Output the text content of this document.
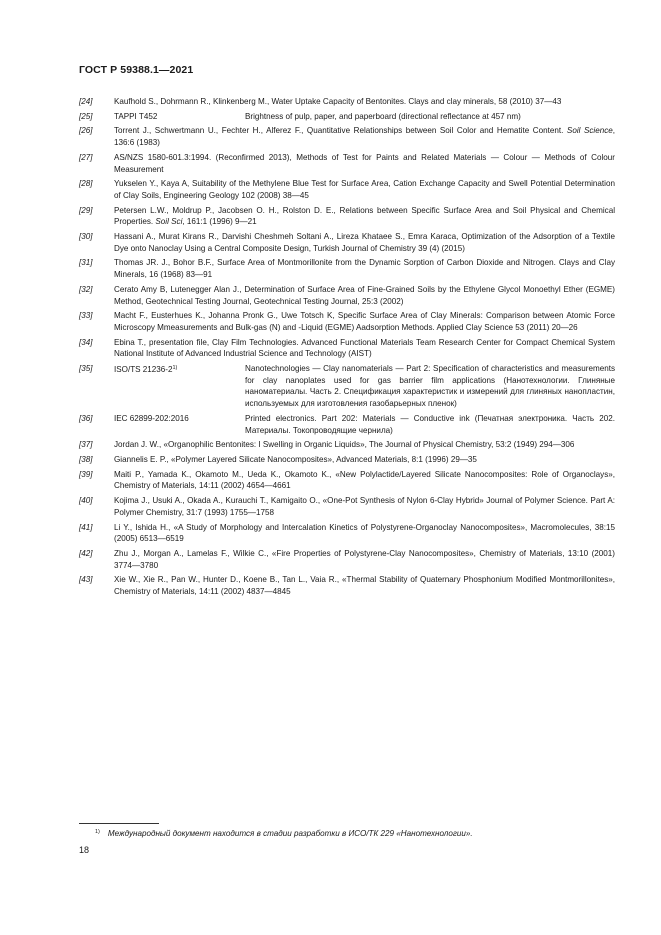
ГОСТ Р 59388.1—2021
[24]	Kaufhold S., Dohrmann R., Klinkenberg M., Water Uptake Capacity of Bentonites. Clays and clay minerals, 58 (2010) 37—43
[25]	TAPPI T452	Brightness of pulp, paper, and paperboard (directional reflectance at 457 nm)
[26]	Torrent J., Schwertmann U., Fechter H., Alferez F., Quantitative Relationships between Soil Color and Hematite Content. Soil Science, 136:6 (1983)
[27]	AS/NZS 1580-601.3:1994. (Reconfirmed 2013), Methods of Test for Paints and Related Materials — Colour — Methods of Colour Measurement
[28]	Yukselen Y., Kaya A, Suitability of the Methylene Blue Test for Surface Area, Cation Exchange Capacity and Swell Potential Determination of Clay Soils, Engineering Geology 102 (2008) 38—45
[29]	Petersen L.W., Moldrup P., Jacobsen O. H., Rolston D. E., Relations between Specific Surface Area and Soil Physical and Chemical Properties. Soil Sci, 161:1 (1996) 9—21
[30]	Hassani A., Murat Kirans R., Darvishi Cheshmeh Soltani A., Lireza Khataee S., Emra Karaca, Optimization of the Adsorption of a Textile Dye onto Nanoclay Using a Central Composite Design, Turkish Journal of Chemistry 39 (4) (2015)
[31]	Thomas JR. J., Bohor B.F., Surface Area of Montmorillonite from the Dynamic Sorption of Carbon Dioxide and Nitrogen. Clays and Clay Minerals, 16 (1968) 83—91
[32]	Cerato Amy B, Lutenegger Alan J., Determination of Surface Area of Fine-Grained Soils by the Ethylene Glycol Monoethyl Ether (EGME) Method, Geotechnical Testing Journal, Geotechnical Testing Journal, 25:3 (2002)
[33]	Macht F., Eusterhues K., Johanna Pronk G., Uwe Totsch K, Specific Surface Area of Clay Minerals: Comparison between Atomic Force Microscopy Mmeasurements and Bulk-gas (N) and -Liquid (EGME) Aadsorption Methods. Applied Clay Science 53 (2011) 20—26
[34]	Ebina T., presentation file, Clay Film Technologies. Advanced Functional Materials Team Research Center for Compact Chemical System National Institute of Advanced Industrial Science and Technology (AIST)
[35]	ISO/TS 21236-2$^{1)}$	Nanotechnologies — Clay nanomaterials — Part 2: Specification of characteristics and measurements for clay nanoplates used for gas barrier film applications (Нанотехнологии. Глиняные наноматериалы. Часть 2. Спецификация характеристик и измерений для глиняных нанопластин, используемых для изготовления газобарьерных пленок)
[36]	IEC 62899-202:2016	Printed electronics. Part 202: Materials — Conductive ink (Печатная электроника. Часть 202. Материалы. Токопроводящие чернила)
[37]	Jordan J. W., «Organophilic Bentonites: I Swelling in Organic Liquids», The Journal of Physical Chemistry, 53:2 (1949) 294—306
[38]	Giannelis E. P., «Polymer Layered Silicate Nanocomposites», Advanced Materials, 8:1 (1996) 29—35
[39]	Maiti P., Yamada K., Okamoto M., Ueda K., Okamoto K., «New Polylactide/Layered Silicate Nanocomposites: Role of Organoclays», Chemistry of Materials, 14:11 (2002) 4654—4661
[40]	Kojima J., Usuki A., Okada A., Kurauchi T., Kamigaito O., «One-Pot Synthesis of Nylon 6-Clay Hybrid» Journal of Polymer Science. Part A: Polymer Chemistry, 31:7 (1993) 1755—1758
[41]	Li Y., Ishida H., «A Study of Morphology and Intercalation Kinetics of Polystyrene-Organoclay Nanocomposites», Macromolecules, 38:15 (2005) 6513—6519
[42]	Zhu J., Morgan A., Lamelas F., Wilkie C., «Fire Properties of Polystyrene-Clay Nanocomposites», Chemistry of Materials, 13:10 (2001) 3774—3780
[43]	Xie W., Xie R., Pan W., Hunter D., Koene B., Tan L., Vaia R., «Thermal Stability of Quaternary Phosphonium Modified Montmorillonites», Chemistry of Materials, 14:11 (2002) 4837—4845
$^{1)}$ Международный документ находится в стадии разработки в ИСО/ТК 229 «Нанотехнологии».
18
